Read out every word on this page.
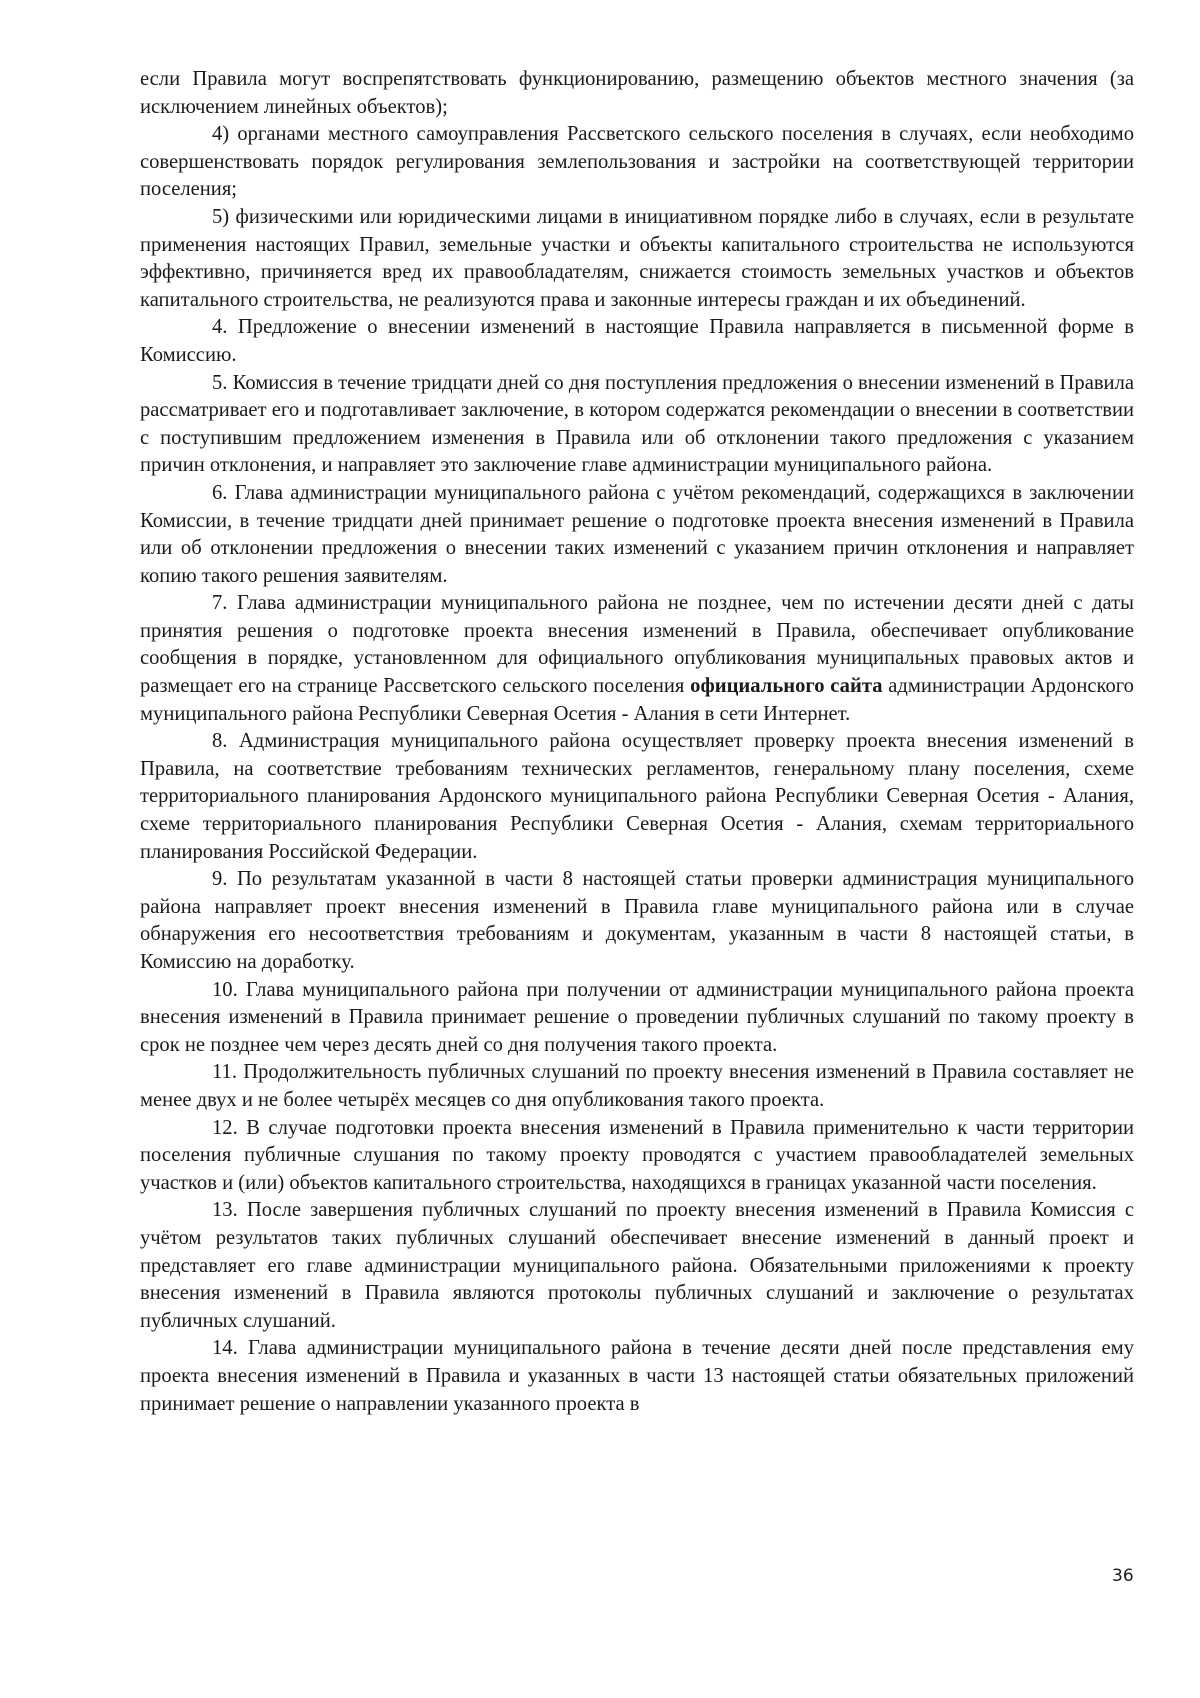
если Правила могут воспрепятствовать функционированию, размещению объектов местного значения (за исключением линейных объектов);

4) органами местного самоуправления Рассветского сельского поселения в случаях, если необходимо совершенствовать порядок регулирования землепользования и застройки на соответствующей территории поселения;

5) физическими или юридическими лицами в инициативном порядке либо в случаях, если в результате применения настоящих Правил, земельные участки и объекты капитального строительства не используются эффективно, причиняется вред их правообладателям, снижается стоимость земельных участков и объектов капитального строительства, не реализуются права и законные интересы граждан и их объединений.

4. Предложение о внесении изменений в настоящие Правила направляется в письменной форме в Комиссию.

5. Комиссия в течение тридцати дней со дня поступления предложения о внесении изменений в Правила рассматривает его и подготавливает заключение, в котором содержатся рекомендации о внесении в соответствии с поступившим предложением изменения в Правила или об отклонении такого предложения с указанием причин отклонения, и направляет это заключение главе администрации муниципального района.

6. Глава администрации муниципального района с учётом рекомендаций, содержащихся в заключении Комиссии, в течение тридцати дней принимает решение о подготовке проекта внесения изменений в Правила или об отклонении предложения о внесении таких изменений с указанием причин отклонения и направляет копию такого решения заявителям.

7. Глава администрации муниципального района не позднее, чем по истечении десяти дней с даты принятия решения о подготовке проекта внесения изменений в Правила, обеспечивает опубликование сообщения в порядке, установленном для официального опубликования муниципальных правовых актов и размещает его на странице Рассветского сельского поселения официального сайта администрации Ардонского муниципального района Республики Северная Осетия - Алания в сети Интернет.

8. Администрация муниципального района осуществляет проверку проекта внесения изменений в Правила, на соответствие требованиям технических регламентов, генеральному плану поселения, схеме территориального планирования Ардонского муниципального района Республики Северная Осетия - Алания, схеме территориального планирования Республики Северная Осетия - Алания, схемам территориального планирования Российской Федерации.

9. По результатам указанной в части 8 настоящей статьи проверки администрация муниципального района направляет проект внесения изменений в Правила главе муниципального района или в случае обнаружения его несоответствия требованиям и документам, указанным в части 8 настоящей статьи, в Комиссию на доработку.

10. Глава муниципального района при получении от администрации муниципального района проекта внесения изменений в Правила принимает решение о проведении публичных слушаний по такому проекту в срок не позднее чем через десять дней со дня получения такого проекта.

11. Продолжительность публичных слушаний по проекту внесения изменений в Правила составляет не менее двух и не более четырёх месяцев со дня опубликования такого проекта.

12. В случае подготовки проекта внесения изменений в Правила применительно к части территории поселения публичные слушания по такому проекту проводятся с участием правообладателей земельных участков и (или) объектов капитального строительства, находящихся в границах указанной части поселения.

13. После завершения публичных слушаний по проекту внесения изменений в Правила Комиссия с учётом результатов таких публичных слушаний обеспечивает внесение изменений в данный проект и представляет его главе администрации муниципального района. Обязательными приложениями к проекту внесения изменений в Правила являются протоколы публичных слушаний и заключение о результатах публичных слушаний.

14. Глава администрации муниципального района в течение десяти дней после представления ему проекта внесения изменений в Правила и указанных в части 13 настоящей статьи обязательных приложений принимает решение о направлении указанного проекта в

36
